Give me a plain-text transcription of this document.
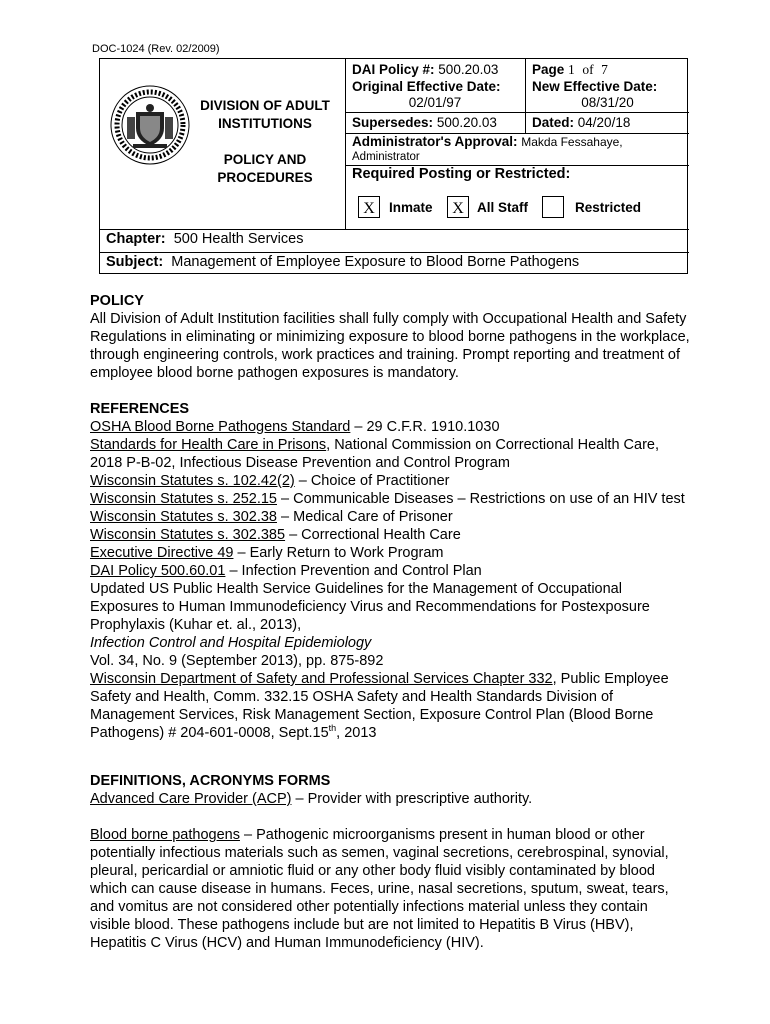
DOC-1024 (Rev. 02/2009)
DIVISION OF ADULT INSTITUTIONS
POLICY AND PROCEDURES
DAI Policy #: 500.20.03 Page 1 of 7
Original Effective Date:
02/01/97
New Effective Date:
08/31/20
Supersedes: 500.20.03	Dated: 04/20/18
Administrator's Approval: Makda Fessahaye,
Administrator
Required Posting or Restricted:
X	Inmate	X All Staff	Restricted
Chapter: 500 Health Services
Subject: Management of Employee Exposure to Blood Borne Pathogens

POLICY

All Division of Adult Institution facilities shall fully comply with Occupational Health and Safety Regulations in eliminating or minimizing exposure to blood borne pathogens in the workplace, through engineering controls, work practices and training. Prompt reporting and treatment of employee blood borne pathogen exposures is mandatory.

REFERENCES

OSHA Blood Borne Pathogens Standard – 29 C.F.R. 1910.1030

Standards for Health Care in Prisons, National Commission on Correctional Health Care, 2018 P-B-02, Infectious Disease Prevention and Control Program

Wisconsin Statutes s. 102.42(2) – Choice of Practitioner

Wisconsin Statutes s. 252.15 – Communicable Diseases – Restrictions on use of an HIV test

Wisconsin Statutes s. 302.38 – Medical Care of Prisoner

Wisconsin Statutes s. 302.385 – Correctional Health Care

Executive Directive 49 – Early Return to Work Program

DAI Policy 500.60.01 – Infection Prevention and Control Plan

Updated US Public Health Service Guidelines for the Management of Occupational Exposures to Human Immunodeficiency Virus and Recommendations for Postexposure Prophylaxis (Kuhar et. al., 2013),

Infection Control and Hospital Epidemiology

Vol. 34, No. 9 (September 2013), pp. 875-892

Wisconsin Department of Safety and Professional Services Chapter 332, Public Employee Safety and Health, Comm. 332.15 OSHA Safety and Health Standards Division of Management Services, Risk Management Section, Exposure Control Plan (Blood Borne Pathogens) # 204-601-0008, Sept.15th, 2013

DEFINITIONS, ACRONYMS FORMS

Advanced Care Provider (ACP) – Provider with prescriptive authority.

Blood borne pathogens – Pathogenic microorganisms present in human blood or other potentially infectious materials such as semen, vaginal secretions, cerebrospinal, synovial, pleural, pericardial or amniotic fluid or any other body fluid visibly contaminated by blood which can cause disease in humans. Feces, urine, nasal secretions, sputum, sweat, tears, and vomitus are not considered other potentially infections material unless they contain visible blood. These pathogens include but are not limited to Hepatitis B Virus (HBV), Hepatitis C Virus (HCV) and Human Immunodeficiency (HIV).
